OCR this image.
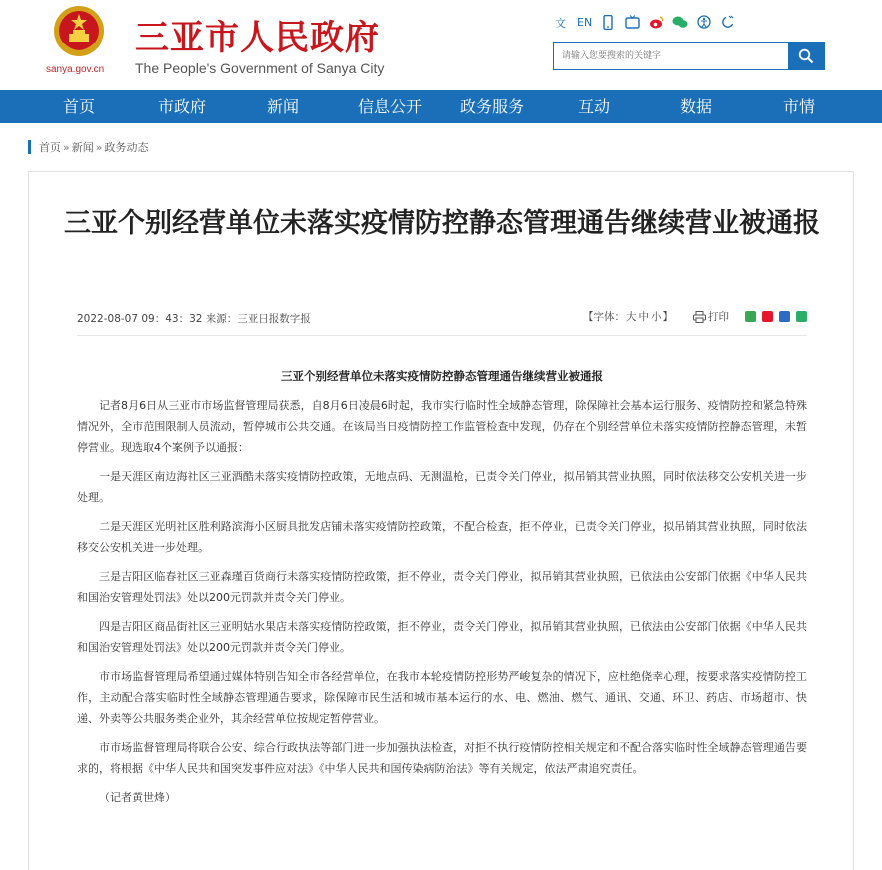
sanya.gov.cn
三亚市人民政府
The People's Government of Sanya City
文 EN
请输入您要搜索的关键字
首页	市政府	新闻	信息公开	政务服务	互动	数据	市情
首页 » 新闻 » 政务动态
三亚个别经营单位未落实疫情防控静态管理通告继续营业被通报
2022-08-07 09：43：32 来源：三亚日报数字报	【字体：大 中 小】	打印
三亚个别经营单位未落实疫情防控静态管理通告继续营业被通报

记者8月6日从三亚市市场监督管理局获悉，自8月6日凌晨6时起，我市实行临时性全域静态管理，除保障社会基本运行服务、疫情防控和紧急特殊情况外，全市范围限制人员流动，暂停城市公共交通。在该局当日疫情防控工作监管检查中发现，仍存在个别经营单位未落实疫情防控静态管理，未暂停营业。现选取4个案例予以通报：

一是天涯区南边海社区三亚酒酷未落实疫情防控政策，无地点码、无测温枪，已责令关门停业，拟吊销其营业执照，同时依法移交公安机关进一步处理。

二是天涯区光明社区胜利路滨海小区厨具批发店铺未落实疫情防控政策，不配合检查，拒不停业，已责令关门停业，拟吊销其营业执照，同时依法移交公安机关进一步处理。

三是吉阳区临春社区三亚森瑾百货商行未落实疫情防控政策，拒不停业，责令关门停业，拟吊销其营业执照，已依法由公安部门依据《中华人民共和国治安管理处罚法》处以200元罚款并责令关门停业。

四是吉阳区商品街社区三亚明姑水果店未落实疫情防控政策，拒不停业，责令关门停业，拟吊销其营业执照，已依法由公安部门依据《中华人民共和国治安管理处罚法》处以200元罚款并责令关门停业。

市市场监督管理局希望通过媒体特别告知全市各经营单位，在我市本轮疫情防控形势严峻复杂的情况下，应杜绝侥幸心理，按要求落实疫情防控工作，主动配合落实临时性全域静态管理通告要求，除保障市民生活和城市基本运行的水、电、燃油、燃气、通讯、交通、环卫、药店、市场超市、快递、外卖等公共服务类企业外，其余经营单位按规定暂停营业。

市市场监督管理局将联合公安、综合行政执法等部门进一步加强执法检查，对拒不执行疫情防控相关规定和不配合落实临时性全域静态管理通告要求的，将根据《中华人民共和国突发事件应对法》《中华人民共和国传染病防治法》等有关规定，依法严肃追究责任。

（记者黄世烽）
